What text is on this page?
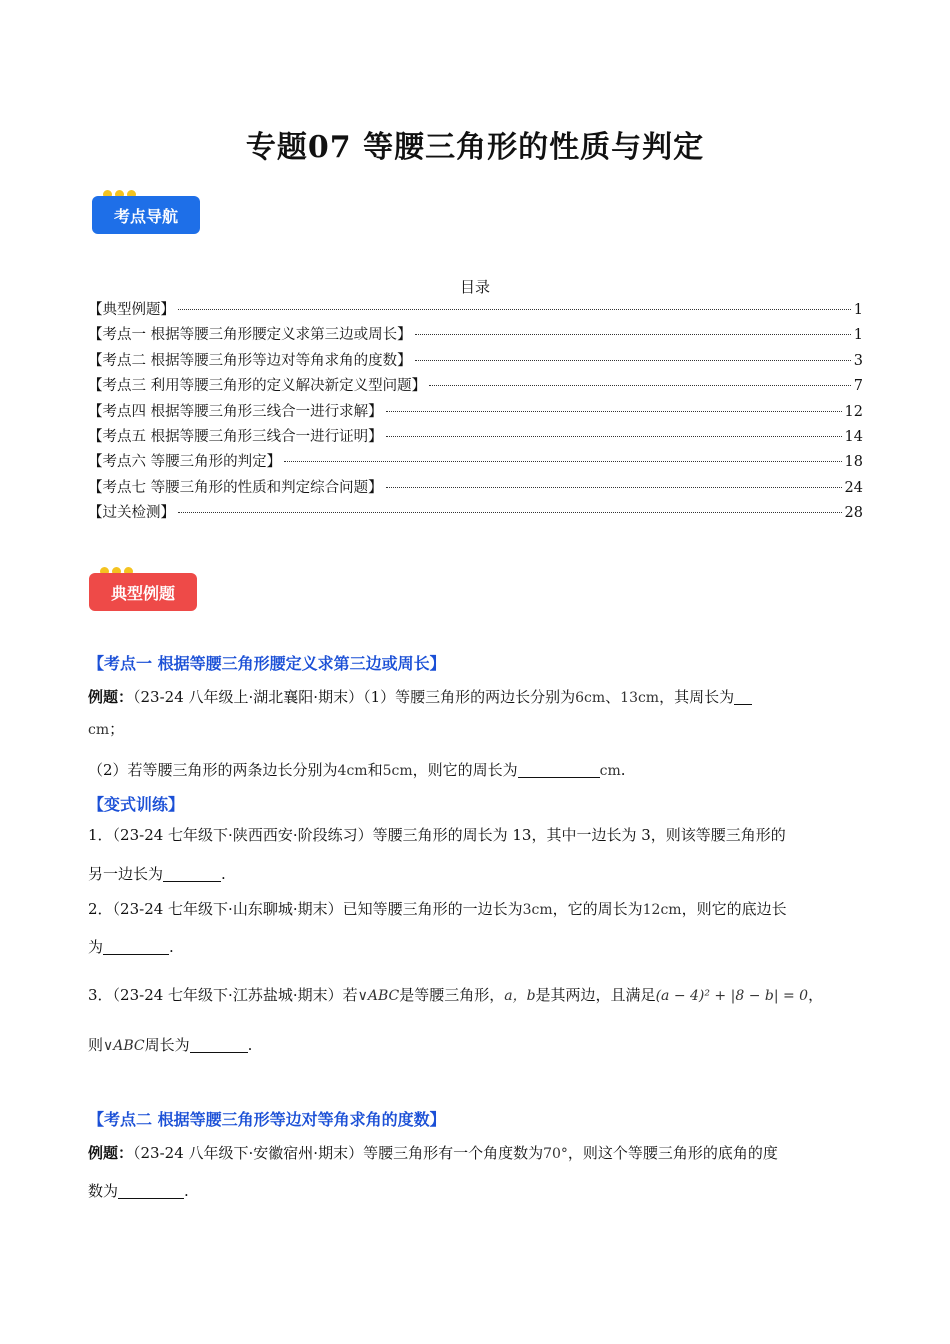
专题07 等腰三角形的性质与判定
考点导航
目录
【典型例题】	1
【考点一 根据等腰三角形腰定义求第三边或周长】	1
【考点二 根据等腰三角形等边对等角求角的度数】	3
【考点三 利用等腰三角形的定义解决新定义型问题】	7
【考点四 根据等腰三角形三线合一进行求解】	12
【考点五 根据等腰三角形三线合一进行证明】	14
【考点六 等腰三角形的判定】	18
【考点七 等腰三角形的性质和判定综合问题】	24
【过关检测】	28
典型例题
【考点一 根据等腰三角形腰定义求第三边或周长】
例题：（23-24 八年级上·湖北襄阳·期末）（1）等腰三角形的两边长分别为6cm、13cm，其周长为
cm；
（2）若等腰三角形的两条边长分别为4cm和5cm，则它的周长为	cm.
【变式训练】
1．（23-24 七年级下·陕西西安·阶段练习）等腰三角形的周长为 13，其中一边长为 3，则该等腰三角形的
另一边长为	.
2．（23-24 七年级下·山东聊城·期末）已知等腰三角形的一边长为3cm，它的周长为12cm，则它的底边长
为	.
3．（23-24 七年级下·江苏盐城·期末）若∨ABC是等腰三角形，a，b是其两边，且满足(a − 4)² + |8 − b| = 0，
则∨ABC周长为	.
【考点二 根据等腰三角形等边对等角求角的度数】
例题：（23-24 八年级下·安徽宿州·期末）等腰三角形有一个角度数为70°，则这个等腰三角形的底角的度
数为	.
